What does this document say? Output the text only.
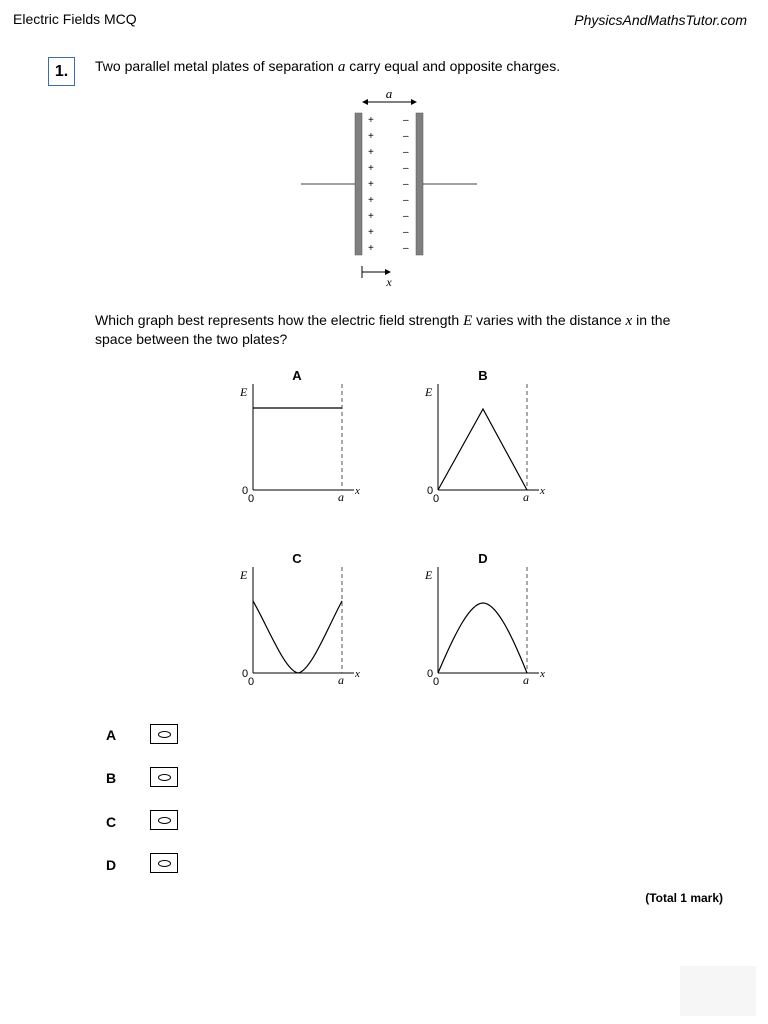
Electric Fields MCQ	PhysicsAndMathsTutor.com
1.	Two parallel metal plates of separation a carry equal and opposite charges.
a
+	–
+	–
+	–
+	–
+	–
+	–
+	–
+	–
+	–
x
Which graph best represents how the electric field strength E varies with the distance x in the space between the two plates?
A
E
0
0	a x
B
E
0
0	a x
C
E
0
0	a x
D
E
0
0	a x
A
B
C
D
(Total 1 mark)
